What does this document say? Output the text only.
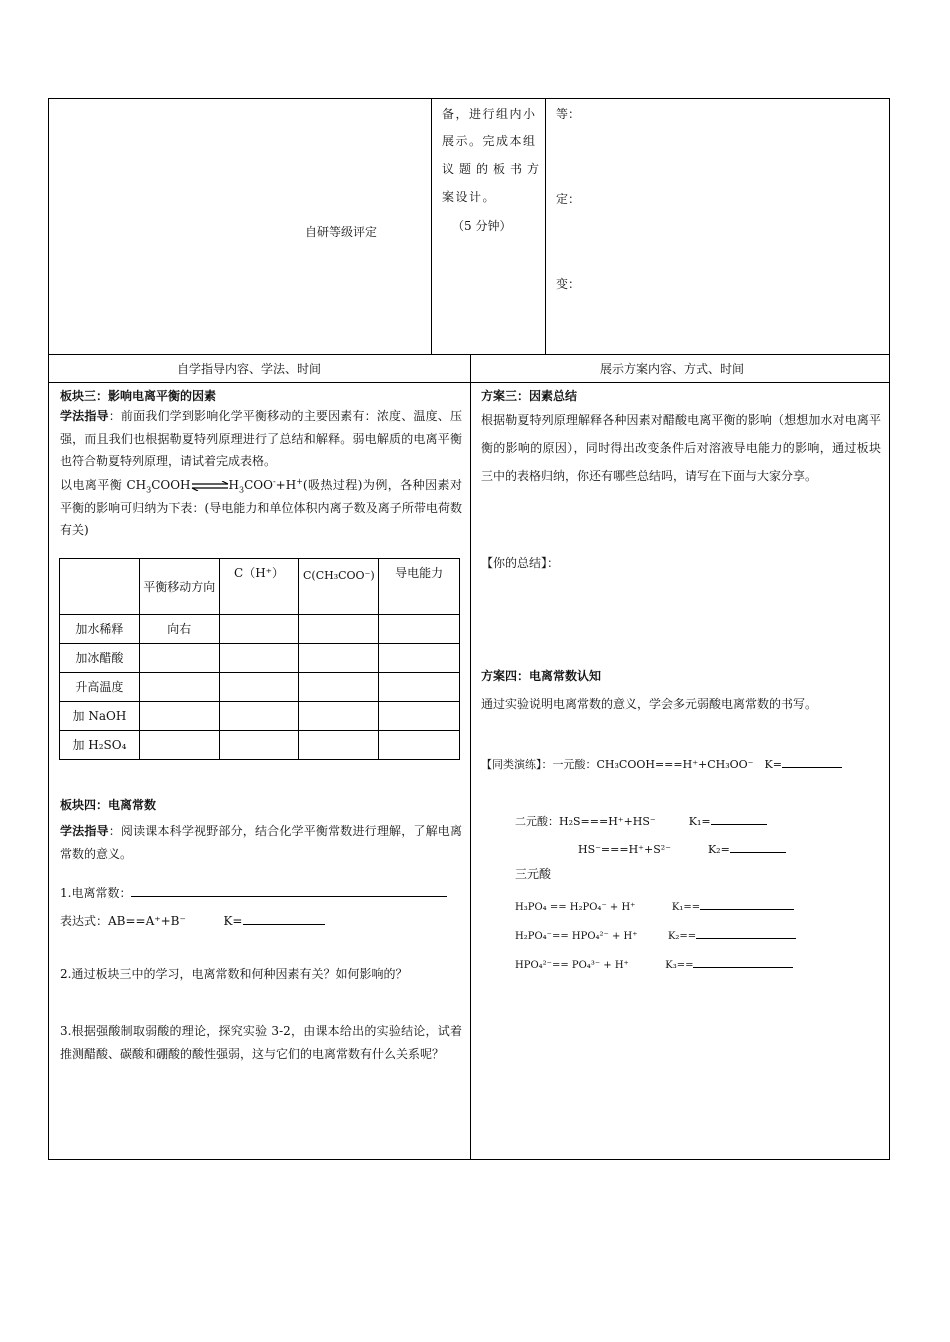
自研等级评定
备，进行组内小
展示。完成本组
议题的板书方
案设计。
（5 分钟）
等：
定：
变：
自学指导内容、学法、时间	展示方案内容、方式、时间
板块三：影响电离平衡的因素

学法指导：前面我们学到影响化学平衡移动的主要因素有：浓度、温度、压强，而且我们也根据勒夏特列原理进行了总结和解释。弱电解质的电离平衡也符合勒夏特列原理，请试着完成表格。

以电离平衡 $CH_3COOH\rightleftharpoons H_3COO^-+H^+$(吸热过程)为例，各种因素对平衡的影响可归纳为下表：(导电能力和单位体积内离子数及离子所带电荷数有关)

	平衡移动方向	C（H⁺）	C(CH₃COO⁻)	导电能力
加水稀释	向右			
加冰醋酸				
升高温度				
加 NaOH				
加 H₂SO₄				
板块四：电离常数

学法指导：阅读课本科学视野部分，结合化学平衡常数进行理解，了解电离常数的意义。

1.电离常数：
表达式：AB==A⁺+B⁻	K=
2.通过板块三中的学习，电离常数和何种因素有关？如何影响的？

3.根据强酸制取弱酸的理论，探究实验 3-2，由课本给出的实验结论，试着推测醋酸、碳酸和硼酸的酸性强弱，这与它们的电离常数有什么关系呢？

方案三：因素总结

根据勒夏特列原理解释各种因素对醋酸电离平衡的影响（想想加水对电离平衡的影响的原因），同时得出改变条件后对溶液导电能力的影响，通过板块三中的表格归纳，你还有哪些总结吗，请写在下面与大家分享。

【你的总结】：
方案四：电离常数认知
通过实验说明电离常数的意义，学会多元弱酸电离常数的书写。
【同类演练】：一元酸：CH₃COOH===H⁺+CH₃OO⁻ K=
二元酸：H₂S===H⁺+HS⁻	K₁=
HS⁻===H⁺+S²⁻	K₂=
三元酸
H₃PO₄ == H₂PO₄⁻ + H⁺	K₁==
H₂PO₄⁻== HPO₄²⁻ + H⁺	K₂==
HPO₄²⁻== PO₄³⁻ + H⁺	K₃==
